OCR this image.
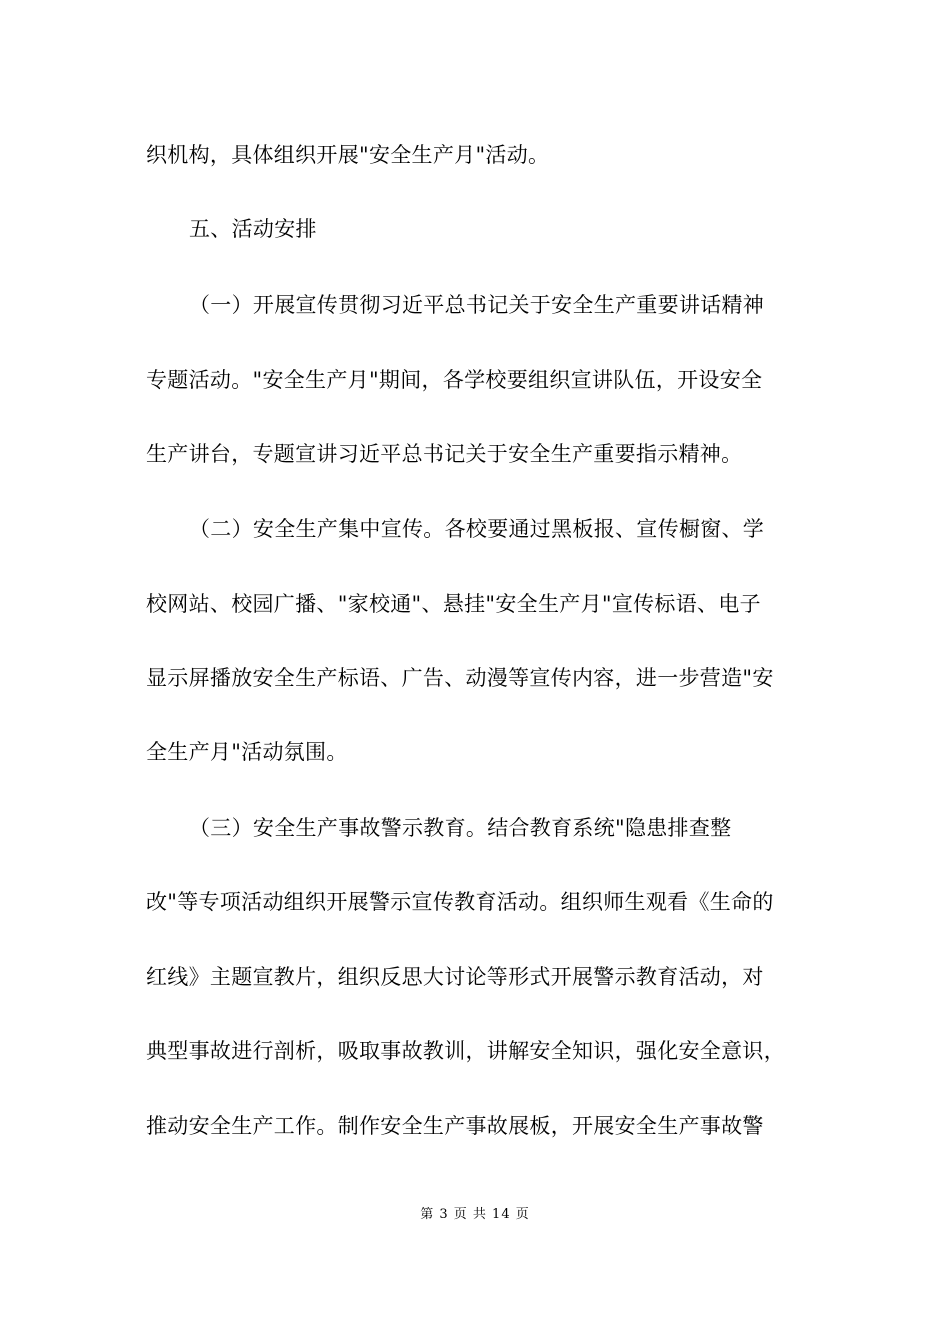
织机构，具体组织开展"安全生产月"活动。
五、活动安排
（一）开展宣传贯彻习近平总书记关于安全生产重要讲话精神
专题活动。"安全生产月"期间，各学校要组织宣讲队伍，开设安全
生产讲台，专题宣讲习近平总书记关于安全生产重要指示精神。
（二）安全生产集中宣传。各校要通过黑板报、宣传橱窗、学
校网站、校园广播、"家校通"、悬挂"安全生产月"宣传标语、电子
显示屏播放安全生产标语、广告、动漫等宣传内容，进一步营造"安
全生产月"活动氛围。
（三）安全生产事故警示教育。结合教育系统"隐患排查整
改"等专项活动组织开展警示宣传教育活动。组织师生观看《生命的
红线》主题宣教片，组织反思大讨论等形式开展警示教育活动，对
典型事故进行剖析，吸取事故教训，讲解安全知识，强化安全意识，
推动安全生产工作。制作安全生产事故展板，开展安全生产事故警
第 3 页 共 14 页
